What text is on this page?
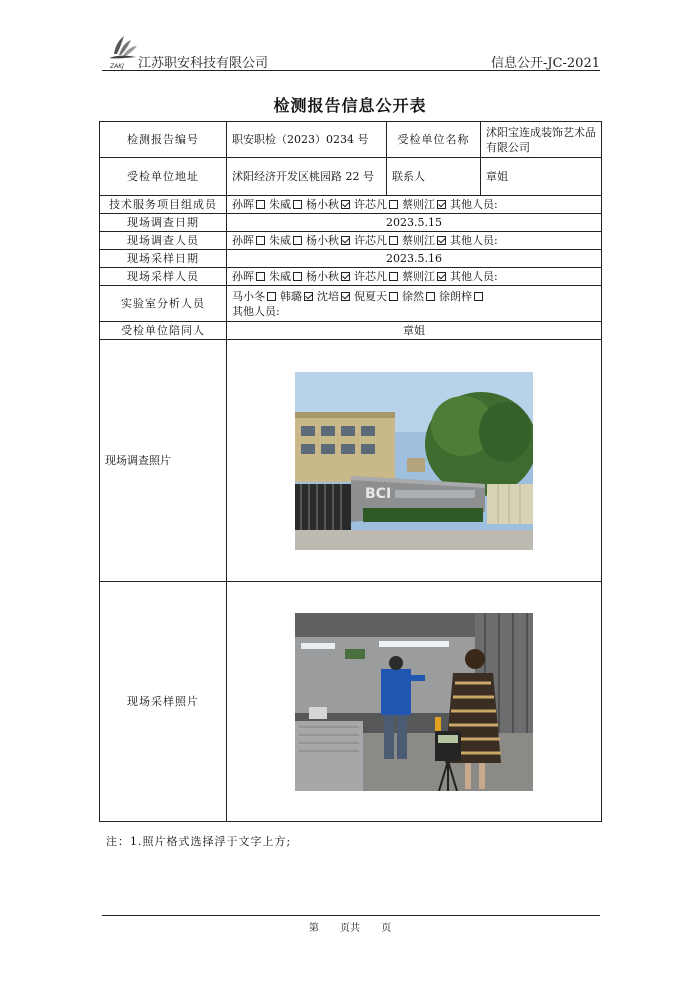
ZAKJ 江苏职安科技有限公司	信息公开-JC-2021
检测报告信息公开表
检测报告编号	职安职检（2023）0234 号	受检单位名称	沭阳宝连成装饰艺术品有限公司
受检单位地址	沭阳经济开发区桃园路 22 号	联系人	章姐
技术服务项目组成员	孙晖 朱威 杨小秋 许芯凡 蔡则江 其他人员:		
现场调查日期	2023.5.15		
现场调查人员	孙晖 朱威 杨小秋 许芯凡 蔡则江 其他人员:		
现场采样日期	2023.5.16		
现场采样人员	孙晖 朱威 杨小秋 许芯凡 蔡则江 其他人员:		
实验室分析人员	马小冬 韩璐 沈培 倪夏天 徐然 徐朗梓
其他人员:		

受检单位陪同人	章姐		
现场调查照片	BCI		

现场采样照片	
注：1.照片格式选择浮于文字上方;
第 页共 页
